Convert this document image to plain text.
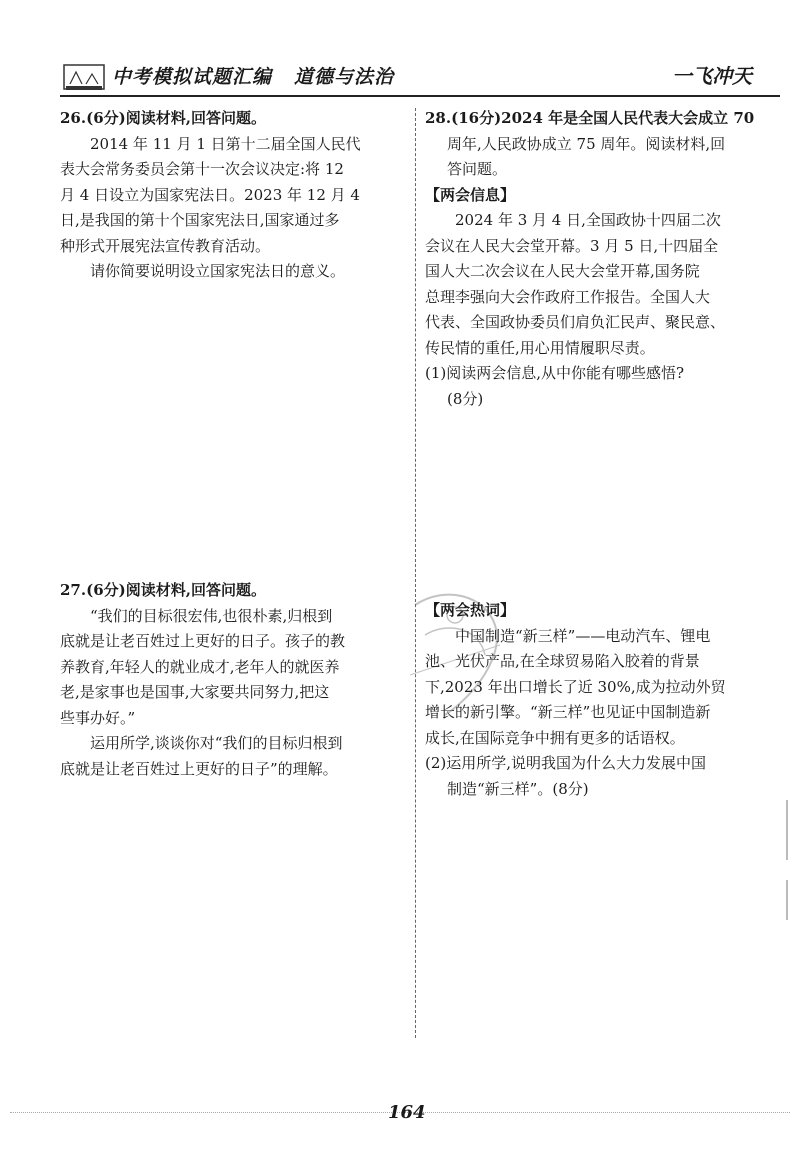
中考模拟试题汇编 道德与法治	一飞冲天

26.(6分)阅读材料,回答问题。

2014 年 11 月 1 日第十二届全国人民代

表大会常务委员会第十一次会议决定:将 12

月 4 日设立为国家宪法日。2023 年 12 月 4

日,是我国的第十个国家宪法日,国家通过多

种形式开展宪法宣传教育活动。

请你简要说明设立国家宪法日的意义。

27.(6分)阅读材料,回答问题。

“我们的目标很宏伟,也很朴素,归根到

底就是让老百姓过上更好的日子。孩子的教

养教育,年轻人的就业成才,老年人的就医养

老,是家事也是国事,大家要共同努力,把这

些事办好。”

运用所学,谈谈你对“我们的目标归根到

底就是让老百姓过上更好的日子”的理解。

28.(16分)2024 年是全国人民代表大会成立 70

周年,人民政协成立 75 周年。阅读材料,回

答问题。

【两会信息】

2024 年 3 月 4 日,全国政协十四届二次

会议在人民大会堂开幕。3 月 5 日,十四届全

国人大二次会议在人民大会堂开幕,国务院

总理李强向大会作政府工作报告。全国人大

代表、全国政协委员们肩负汇民声、聚民意、

传民情的重任,用心用情履职尽责。

(1)阅读两会信息,从中你能有哪些感悟?

(8分)

【两会热词】

中国制造“新三样”——电动汽车、锂电

池、光伏产品,在全球贸易陷入胶着的背景

下,2023 年出口增长了近 30%,成为拉动外贸

增长的新引擎。“新三样”也见证中国制造新

成长,在国际竞争中拥有更多的话语权。

(2)运用所学,说明我国为什么大力发展中国

制造“新三样”。(8分)

164
